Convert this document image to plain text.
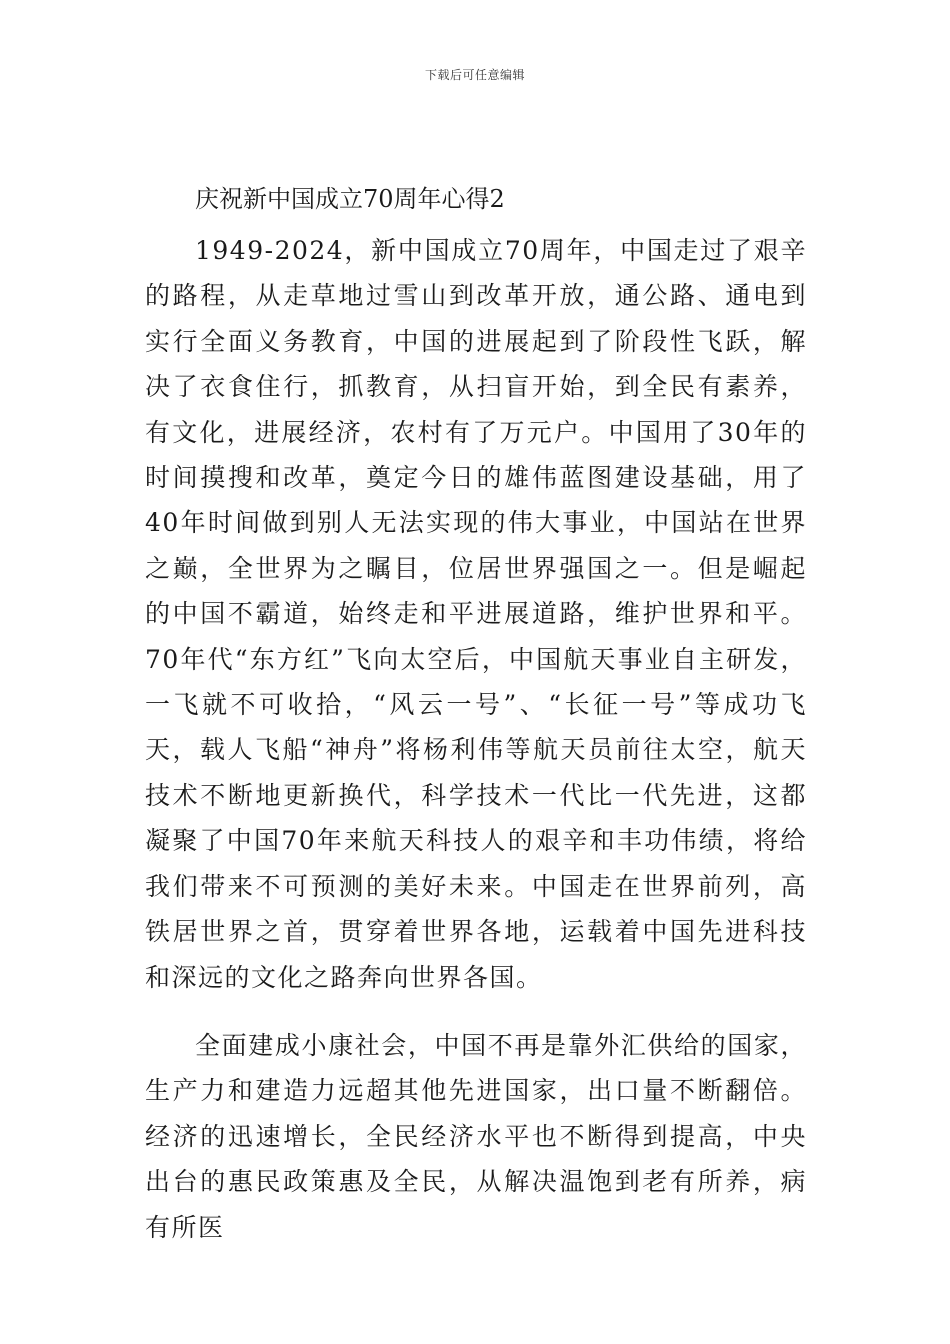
下载后可任意编辑
庆祝新中国成立70周年心得2

1949-2024，新中国成立70周年，中国走过了艰辛的路程，从走草地过雪山到改革开放，通公路、通电到实行全面义务教育，中国的进展起到了阶段性飞跃，解决了衣食住行，抓教育，从扫盲开始，到全民有素养，有文化，进展经济，农村有了万元户。中国用了30年的时间摸搜和改革，奠定今日的雄伟蓝图建设基础，用了40年时间做到别人无法实现的伟大事业，中国站在世界之巅，全世界为之瞩目，位居世界强国之一。但是崛起的中国不霸道，始终走和平进展道路，维护世界和平。70年代“东方红”飞向太空后，中国航天事业自主研发，一飞就不可收拾，“风云一号”、“长征一号”等成功飞天，载人飞船“神舟”将杨利伟等航天员前往太空，航天技术不断地更新换代，科学技术一代比一代先进，这都凝聚了中国70年来航天科技人的艰辛和丰功伟绩，将给我们带来不可预测的美好未来。中国走在世界前列，高铁居世界之首，贯穿着世界各地，运载着中国先进科技和深远的文化之路奔向世界各国。

全面建成小康社会，中国不再是靠外汇供给的国家，生产力和建造力远超其他先进国家，出口量不断翻倍。经济的迅速增长，全民经济水平也不断得到提高，中央出台的惠民政策惠及全民，从解决温饱到老有所养，病有所医
